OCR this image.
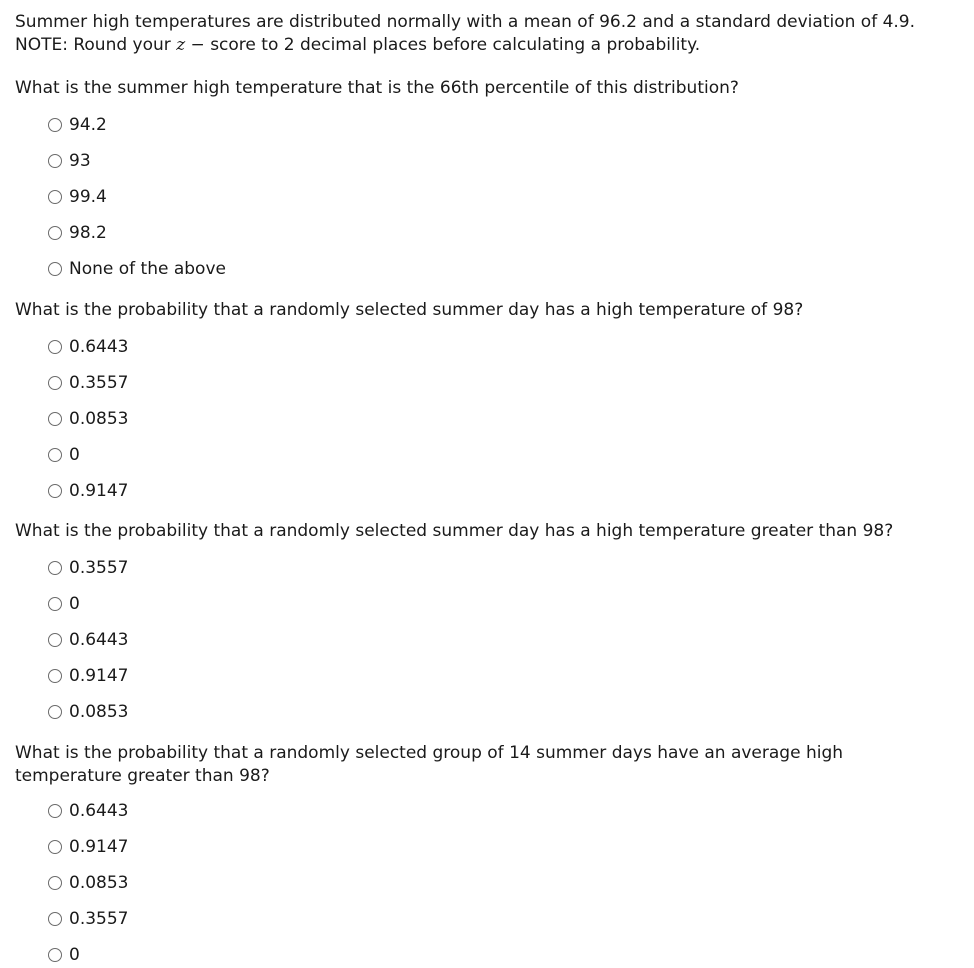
Summer high temperatures are distributed normally with a mean of 96.2 and a standard deviation of 4.9.

NOTE: Round your z − score to 2 decimal places before calculating a probability.

What is the summer high temperature that is the 66th percentile of this distribution?

94.2
93
99.4
98.2
None of the above

What is the probability that a randomly selected summer day has a high temperature of 98?

0.6443
0.3557
0.0853
0
0.9147

What is the probability that a randomly selected summer day has a high temperature greater than 98?

0.3557
0
0.6443
0.9147
0.0853

What is the probability that a randomly selected group of 14 summer days have an average high

temperature greater than 98?

0.6443
0.9147
0.0853
0.3557
0
